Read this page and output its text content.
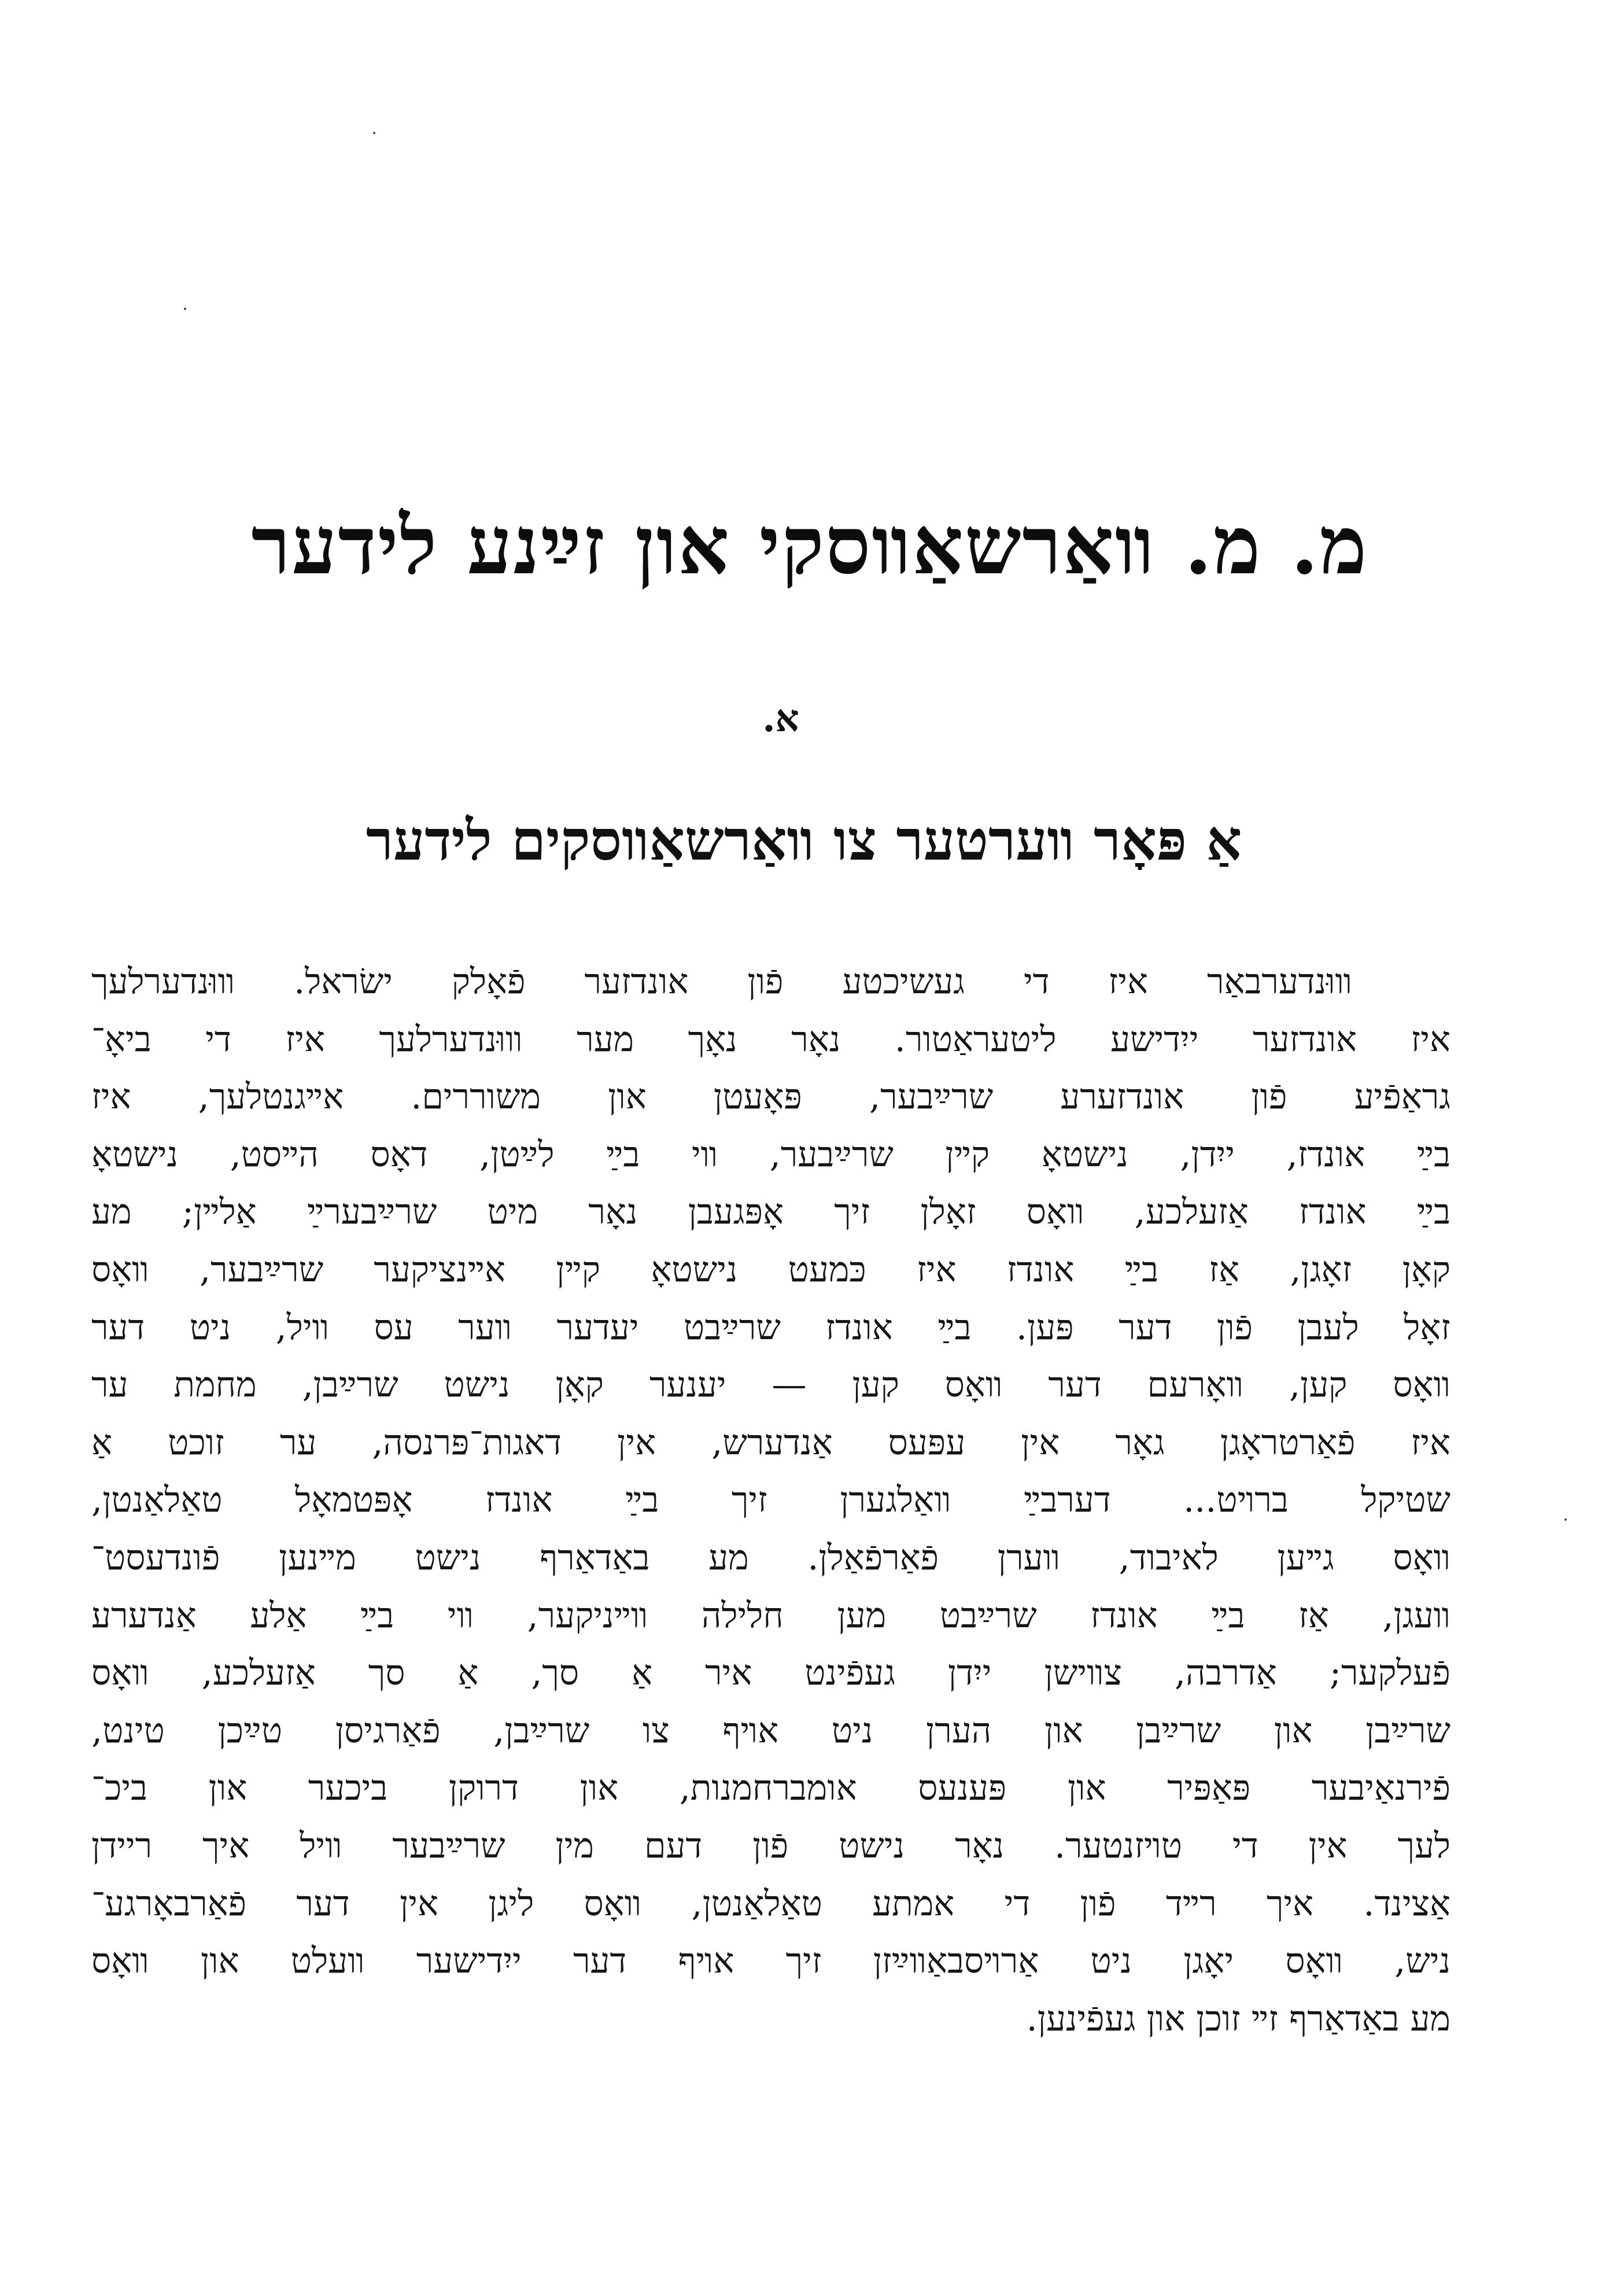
מ. מ. װאַרשאַװסקי און זײַנע לידער
א.
אַ פּאָר װערטער צו װאַרשאַװסקים לידער
װוּנדערבאַר איז די געשיכטע פֿון אונדזער פֿאָלק ישׂראל. װוּנדערלעך
איז אונדזער ייִדישע ליטעראַטור. נאָר נאָך מער װוּנדערלעך איז די ביאָ־
גראַפֿיע פֿון אונדזערע שרײַבער, פּאָעטן און משוררים. אײגנטלעך, איז
בײַ אונדז, ייִדן, נישטאָ קײן שרײַבער, װי בײַ לײַטן, דאָס הײסט, נישטאָ
בײַ אונדז אַזעלכע, װאָס זאָלן זיך אָפּגעבן נאָר מיט שרײַבערײַ אַלײן; מע
קאָן זאָגן, אַז בײַ אונדז איז כּמעט נישטאָ קײן אײנציקער שרײַבער, װאָס
זאָל לעבן פֿון דער פּען. בײַ אונדז שרײַבט יעדער װער עס װיל, ניט דער
װאָס קען, װאָרעם דער װאָס קען — יענער קאָן נישט שרײַבן, מחמת ער
איז פֿאַרטראָגן גאָר אין עפּעס אַנדערש, אין דאגות־פּרנסה, ער זוכט אַ
שטיקל ברױט... דערבײַ װאַלגערן זיך בײַ אונדז אָפּטמאָל טאַלאַנטן,
װאָס גײען לאיבוד, װערן פֿאַרפֿאַלן. מע באַדאַרף נישט מײנען פֿונדעסט־
װעגן, אַז בײַ אונדז שרײַבט מען חלילה װײניקער, װי בײַ אַלע אַנדערע
פֿעלקער; אַדרבה, צװישן ייִדן געפֿינט איר אַ סך, אַ סך אַזעלכע, װאָס
שרײַבן און שרײַבן און הערן ניט אױף צו שרײַבן, פֿאַרגיסן טײַכן טינט,
פֿירנאַיבער פּאַפּיר און פּענעס אומברחמנות, און דרוקן ביכער און ביכ־
לעך אין די טױזנטער. נאָר נישט פֿון דעם מין שרײַבער װיל איך ריידן
אַצינד. איך רײד פֿון די אמתע טאַלאַנטן, װאָס ליגן אין דער פֿאַרבאָרגע־
ניש, װאָס יאָגן ניט אַרױסבאַװײַזן זיך אױף דער ייִדישער װעלט און װאָס
מע באַדאַרף זײ זוכן און געפֿינען.
